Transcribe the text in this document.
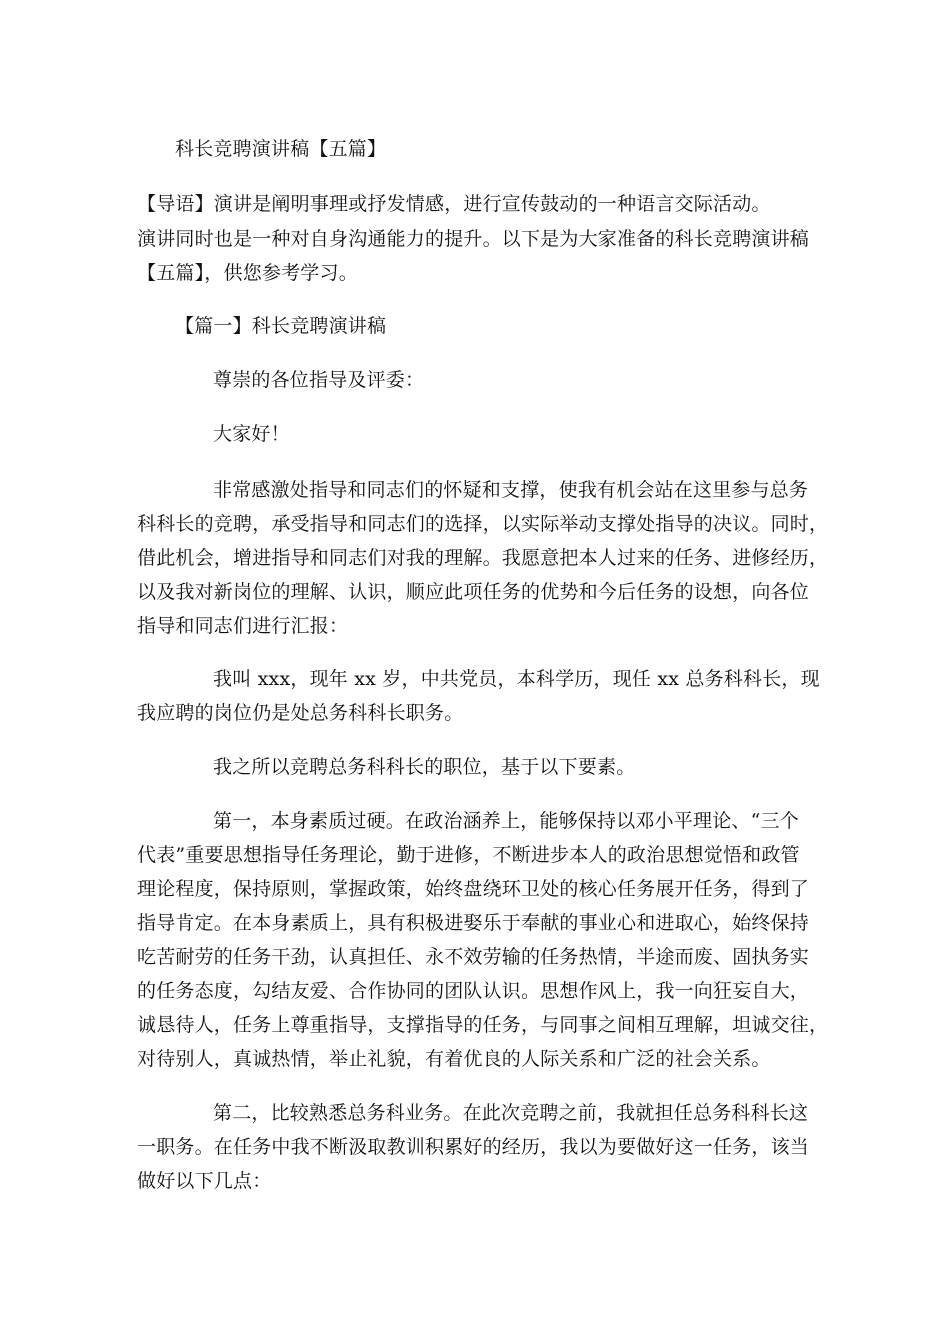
科长竞聘演讲稿【五篇】
【导语】演讲是阐明事理或抒发情感，进行宣传鼓动的一种语言交际活动。
演讲同时也是一种对自身沟通能力的提升。以下是为大家准备的科长竞聘演讲稿
【五篇】，供您参考学习。
【篇一】科长竞聘演讲稿
尊崇的各位指导及评委：
大家好！
非常感激处指导和同志们的怀疑和支撑，使我有机会站在这里参与总务
科科长的竞聘，承受指导和同志们的选择，以实际举动支撑处指导的决议。同时，
借此机会，增进指导和同志们对我的理解。我愿意把本人过来的任务、进修经历，
以及我对新岗位的理解、认识，顺应此项任务的优势和今后任务的设想，向各位
指导和同志们进行汇报：
我叫 xxx，现年 xx 岁，中共党员，本科学历，现任 xx 总务科科长，现
我应聘的岗位仍是处总务科科长职务。
我之所以竞聘总务科科长的职位，基于以下要素。
第一，本身素质过硬。在政治涵养上，能够保持以邓小平理论、“三个
代表”重要思想指导任务理论，勤于进修，不断进步本人的政治思想觉悟和政管
理论程度，保持原则，掌握政策，始终盘绕环卫处的核心任务展开任务，得到了
指导肯定。在本身素质上，具有积极进娶乐于奉献的事业心和进取心，始终保持
吃苦耐劳的任务干劲，认真担任、永不效劳输的任务热情，半途而废、固执务实
的任务态度，勾结友爱、合作协同的团队认识。思想作风上，我一向狂妄自大，
诚恳待人，任务上尊重指导，支撑指导的任务，与同事之间相互理解，坦诚交往，
对待别人，真诚热情，举止礼貌，有着优良的人际关系和广泛的社会关系。
第二，比较熟悉总务科业务。在此次竞聘之前，我就担任总务科科长这
一职务。在任务中我不断汲取教训积累好的经历，我以为要做好这一任务，该当
做好以下几点：
